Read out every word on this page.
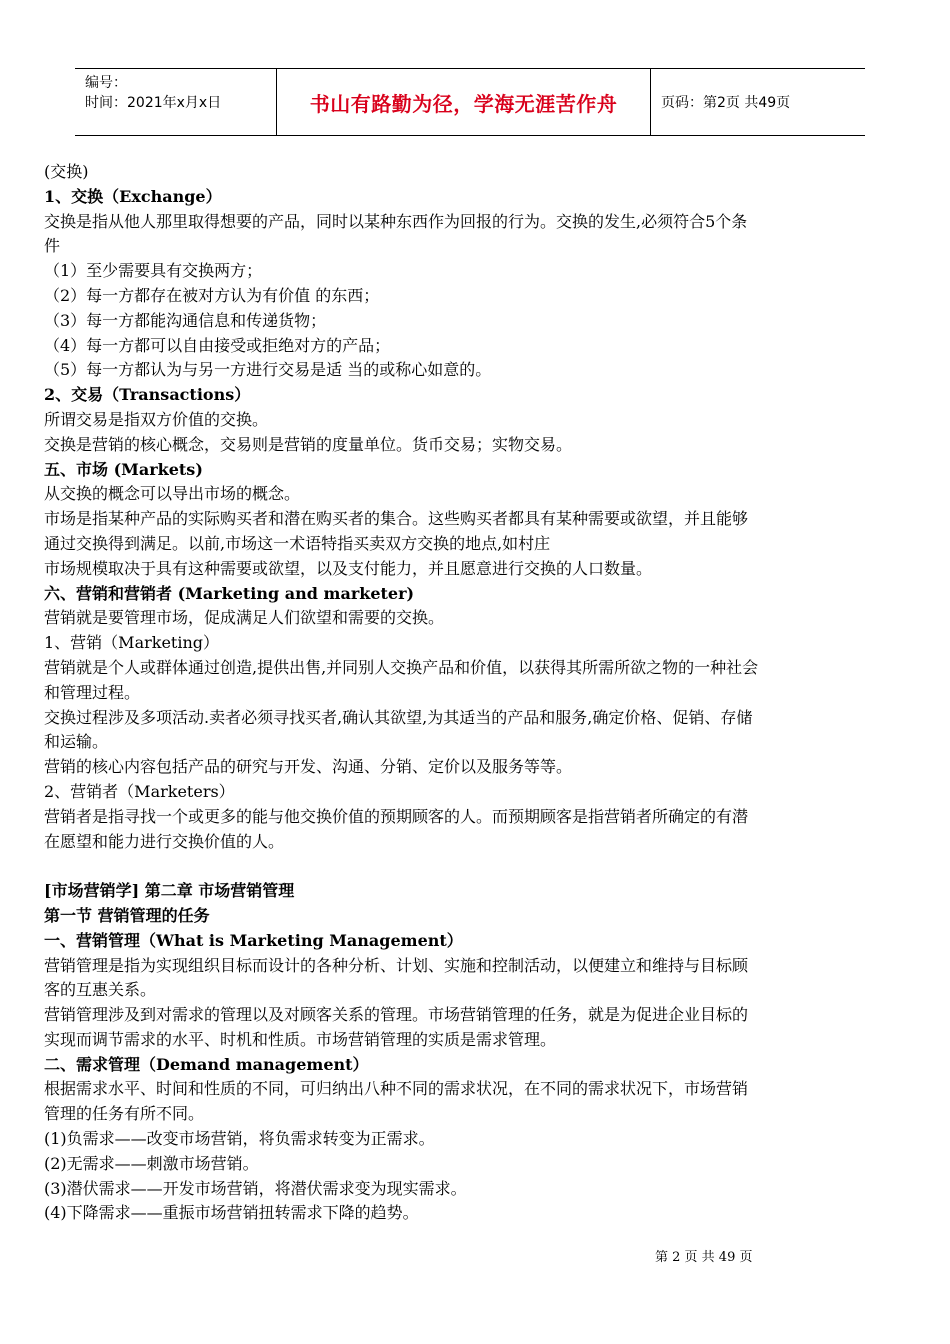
编号：
时间：2021年x月x日	书山有路勤为径，学海无涯苦作舟	页码：第2页 共49页
(交换)
1、交换（Exchange）
交换是指从他人那里取得想要的产品，同时以某种东西作为回报的行为。交换的发生,必须符合5个条
件
（1）至少需要具有交换两方；
（2）每一方都存在被对方认为有价值 的东西；
（3）每一方都能沟通信息和传递货物；
（4）每一方都可以自由接受或拒绝对方的产品；
（5）每一方都认为与另一方进行交易是适 当的或称心如意的。
2、交易（Transactions）
所谓交易是指双方价值的交换。
交换是营销的核心概念，交易则是营销的度量单位。货币交易；实物交易。
五、市场 (Markets)
从交换的概念可以导出市场的概念。
市场是指某种产品的实际购买者和潜在购买者的集合。这些购买者都具有某种需要或欲望，并且能够
通过交换得到满足。以前,市场这一术语特指买卖双方交换的地点,如村庄
市场规模取决于具有这种需要或欲望，以及支付能力，并且愿意进行交换的人口数量。
六、营销和营销者 (Marketing and marketer)
营销就是要管理市场，促成满足人们欲望和需要的交换。
1、营销（Marketing）
营销就是个人或群体通过创造,提供出售,并同别人交换产品和价值，以获得其所需所欲之物的一种社会
和管理过程。
交换过程涉及多项活动.卖者必须寻找买者,确认其欲望,为其适当的产品和服务,确定价格、促销、存储
和运输。
营销的核心内容包括产品的研究与开发、沟通、分销、定价以及服务等等。
2、营销者（Marketers）
营销者是指寻找一个或更多的能与他交换价值的预期顾客的人。而预期顾客是指营销者所确定的有潜
在愿望和能力进行交换价值的人。
[市场营销学] 第二章 市场营销管理
第一节 营销管理的任务
一、营销管理（What is Marketing Management）
营销管理是指为实现组织目标而设计的各种分析、计划、实施和控制活动，以便建立和维持与目标顾
客的互惠关系。
营销管理涉及到对需求的管理以及对顾客关系的管理。市场营销管理的任务，就是为促进企业目标的
实现而调节需求的水平、时机和性质。市场营销管理的实质是需求管理。
二、需求管理（Demand management）
根据需求水平、时间和性质的不同，可归纳出八种不同的需求状况，在不同的需求状况下，市场营销
管理的任务有所不同。
(1)负需求——改变市场营销，将负需求转变为正需求。
(2)无需求——刺激市场营销。
(3)潜伏需求——开发市场营销，将潜伏需求变为现实需求。
(4)下降需求——重振市场营销扭转需求下降的趋势。
第 2 页 共 49 页
